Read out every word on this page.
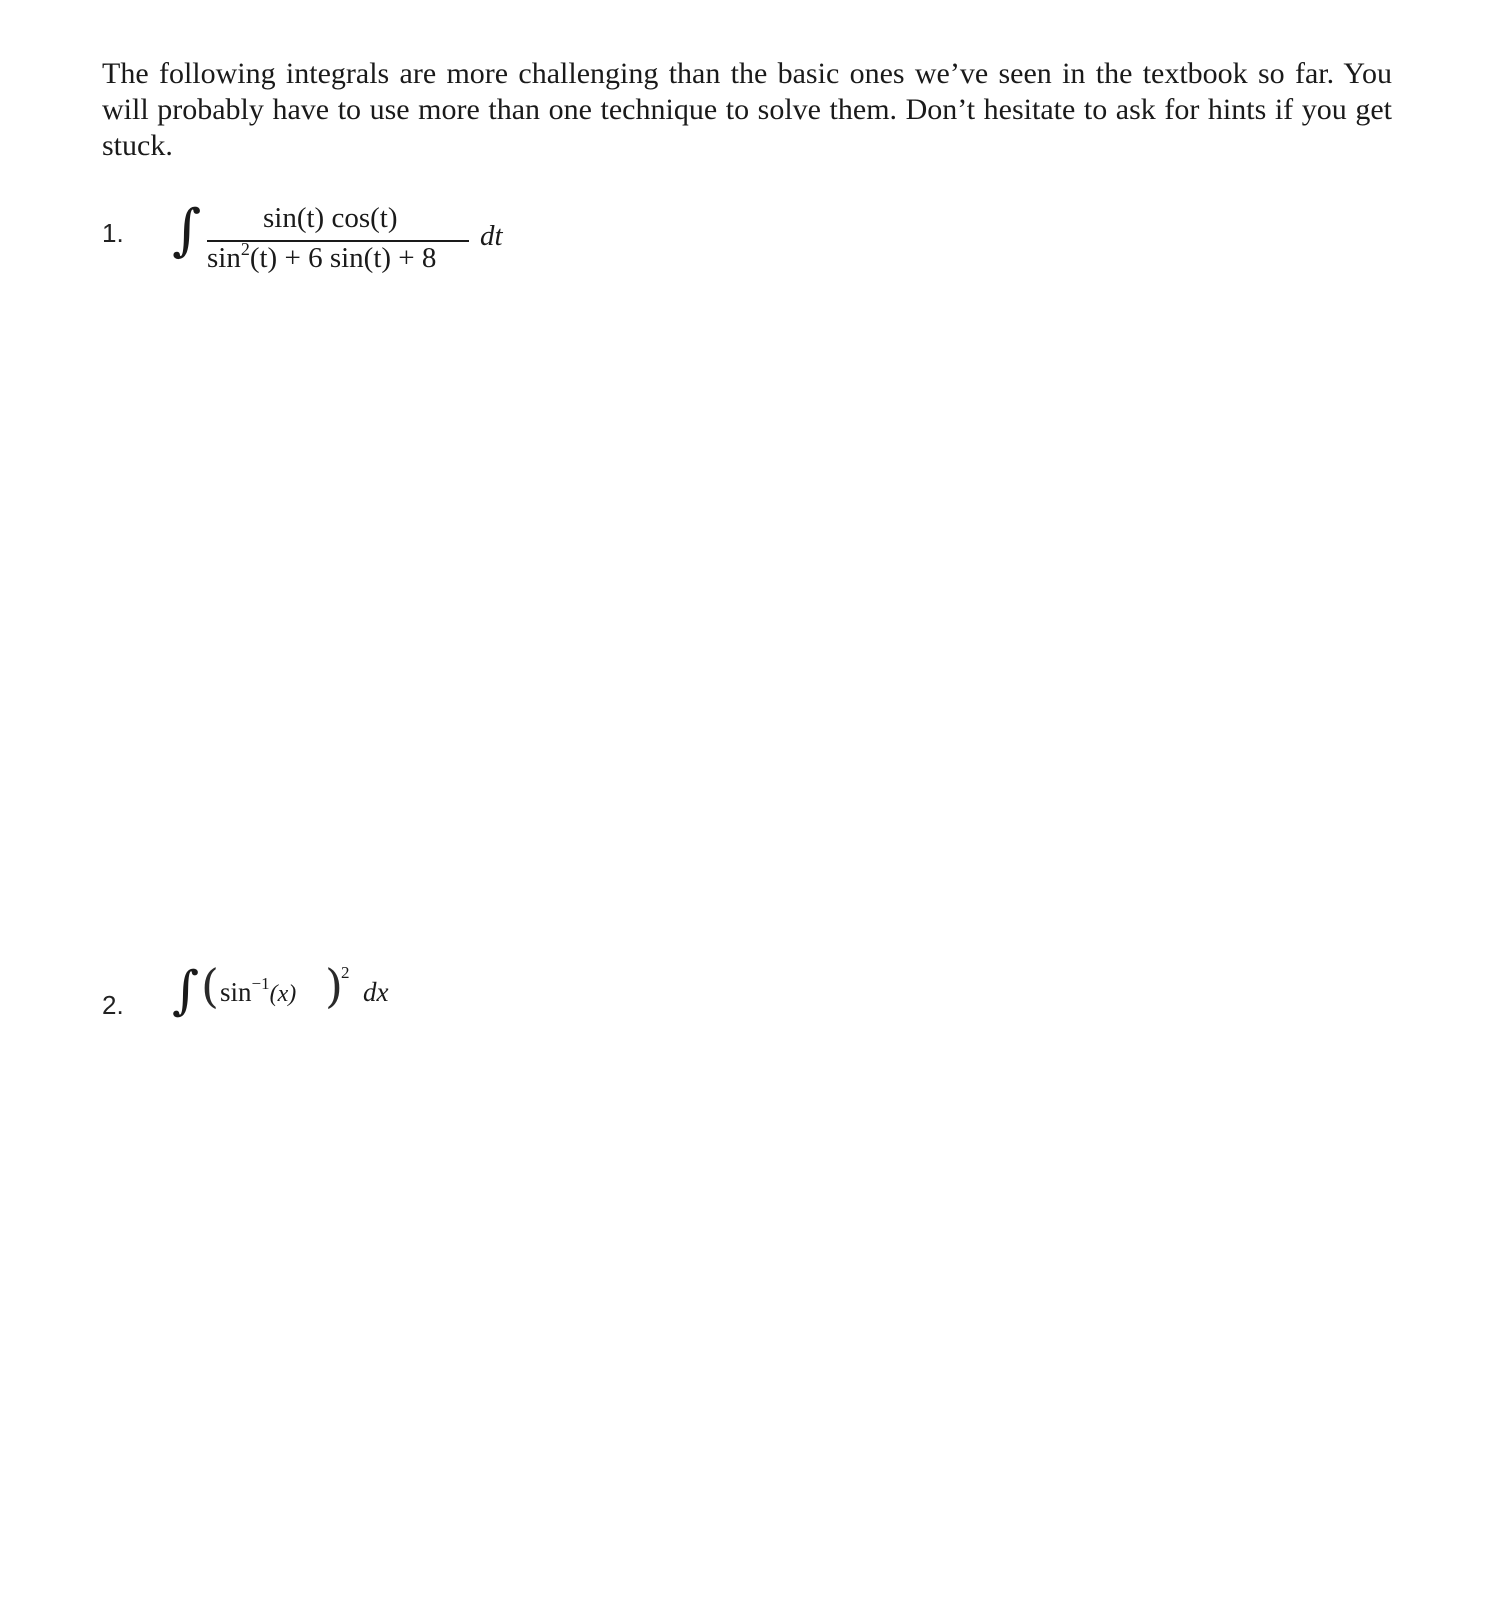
The following integrals are more challenging than the basic ones we’ve seen in the textbook so far. You will probably have to use more than one technique to solve them. Don’t hesitate to ask for hints if you get stuck.

1. ∫ sin(t) cos(t)
$\sin^2(t) + 6$ sin(t) + 8
dt
2. ∫ ( $\sin^{-1}(x)$ )
2
dx
